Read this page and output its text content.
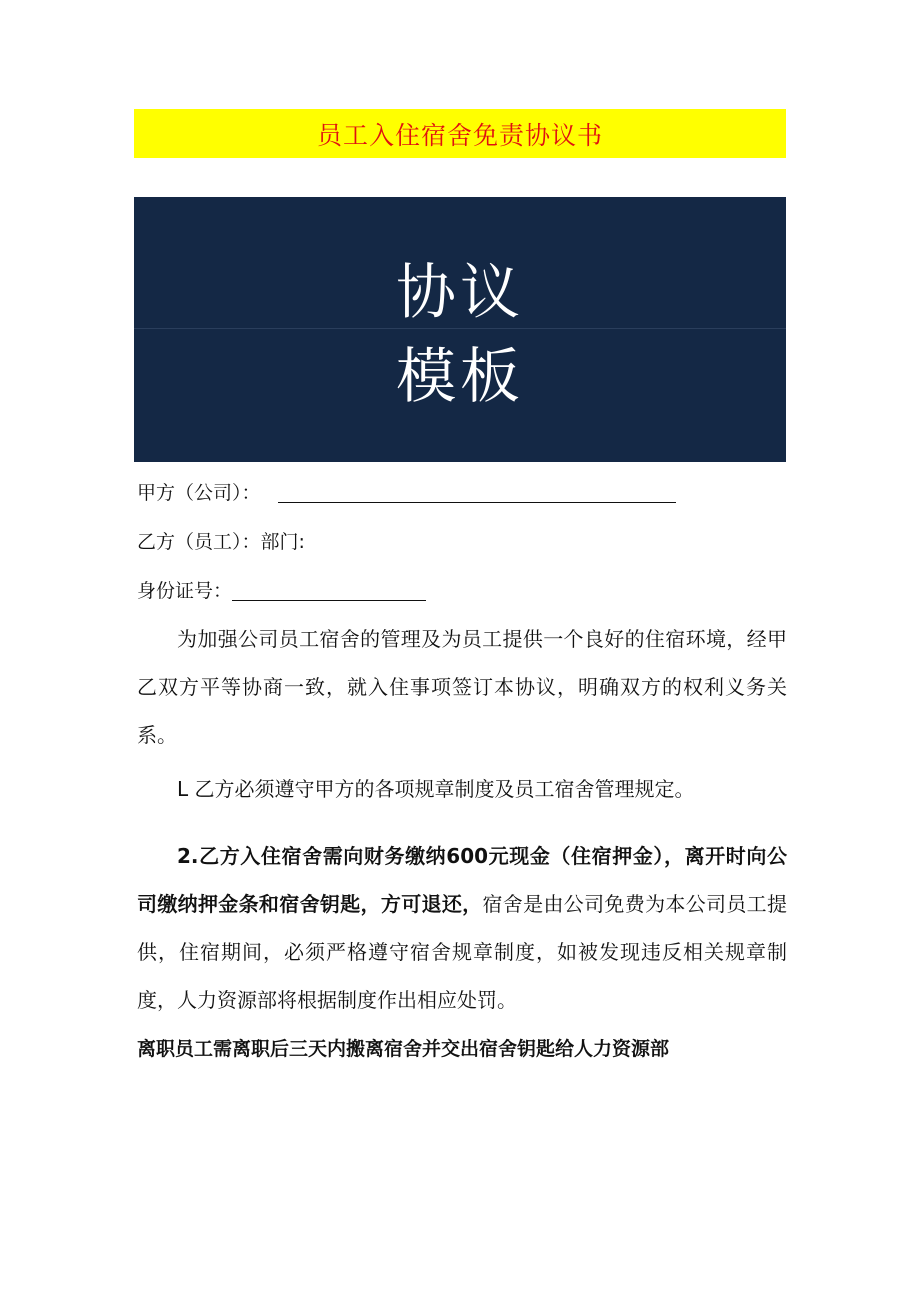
员工入住宿舍免责协议书
协议
模板
甲方（公司）：
乙方（员工）：部门:
身份证号：
为加强公司员工宿舍的管理及为员工提供一个良好的住宿环境，经甲乙双方平等协商一致，就入住事项签订本协议，明确双方的权利义务关系。
L 乙方必须遵守甲方的各项规章制度及员工宿舍管理规定。
2.乙方入住宿舍需向财务缴纳600元现金（住宿押金），离开时向公司缴纳押金条和宿舍钥匙，方可退还，宿舍是由公司免费为本公司员工提供，住宿期间，必须严格遵守宿舍规章制度，如被发现违反相关规章制度，人力资源部将根据制度作出相应处罚。
离职员工需离职后三天内搬离宿舍并交出宿舍钥匙给人力资源部
